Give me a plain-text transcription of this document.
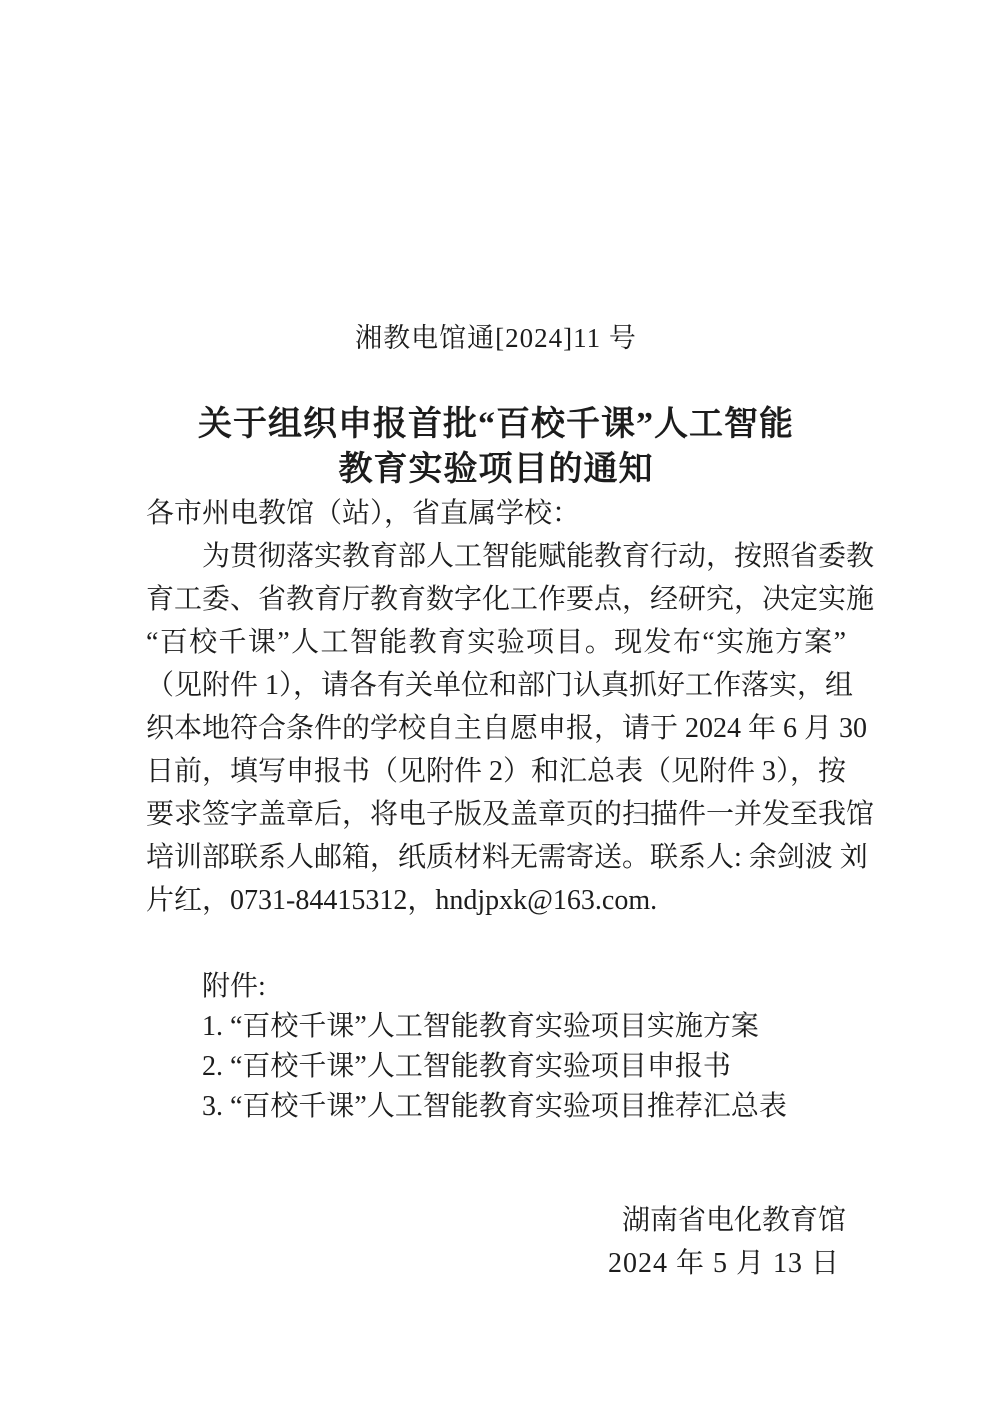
湘教电馆通[2024]11 号
关于组织申报首批“百校千课”人工智能
教育实验项目的通知
各市州电教馆（站），省直属学校：
为贯彻落实教育部人工智能赋能教育行动，按照省委教
育工委、省教育厅教育数字化工作要点，经研究，决定实施
“百校千课”人工智能教育实验项目。现发布“实施方案”
（见附件 1），请各有关单位和部门认真抓好工作落实，组
织本地符合条件的学校自主自愿申报，请于 2024 年 6 月 30
日前，填写申报书（见附件 2）和汇总表（见附件 3），按
要求签字盖章后，将电子版及盖章页的扫描件一并发至我馆
培训部联系人邮箱，纸质材料无需寄送。联系人: 余剑波 刘
片红，0731-84415312，hndjpxk@163.com.
附件:
1. “百校千课”人工智能教育实验项目实施方案
2. “百校千课”人工智能教育实验项目申报书
3. “百校千课”人工智能教育实验项目推荐汇总表
湖南省电化教育馆
2024 年 5 月 13 日
